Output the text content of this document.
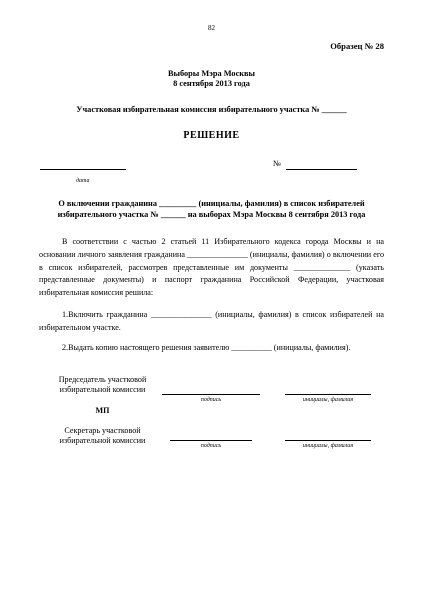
82
Образец № 28
Выборы Мэра Москвы
8 сентября 2013 года
Участковая избирательная комиссия избирательного участка № ______
РЕШЕНИЕ
№
дата
О включении гражданина _________ (инициалы, фамилия) в список избирателей
избирательного участка № ______ на выборах Мэра Москвы 8 сентября 2013 года
В соответствии с частью 2 статьей 11 Избирательного кодекса города Москвы и на основании личного заявления гражданина _______________ (инициалы, фамилия) о включении его в список избирателей, рассмотрев представленные им документы ______________ (указать представленные документы) и паспорт гражданина Российской Федерации, участковая избирательная комиссия решила:
1.Включить гражданина _______________ (инициалы, фамилия) в список избирателей на избирательном участке.
2.Выдать копию настоящего решения заявителю __________ (инициалы, фамилия).
Председатель участковой
избирательной комиссии
подпись	инициалы, фамилия
МП
Секретарь участковой
избирательной комиссии
подпись	инициалы, фамилия
